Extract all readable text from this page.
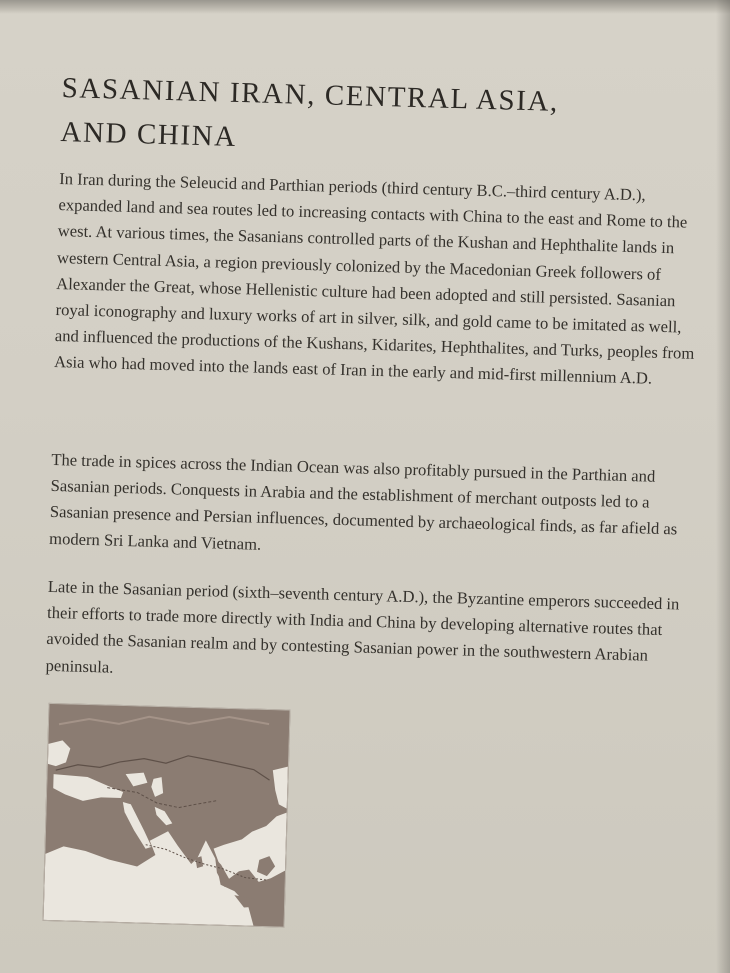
SASANIAN IRAN, CENTRAL ASIA,
AND CHINA

In Iran during the Seleucid and Parthian periods (third century B.C.–third century A.D.), expanded land and sea routes led to increasing contacts with China to the east and Rome to the west. At various times, the Sasanians controlled parts of the Kushan and Hephthalite lands in western Central Asia, a region previously colonized by the Macedonian Greek followers of Alexander the Great, whose Hellenistic culture had been adopted and still persisted. Sasanian royal iconography and luxury works of art in silver, silk, and gold came to be imitated as well, and influenced the productions of the Kushans, Kidarites, Hephthalites, and Turks, peoples from Asia who had moved into the lands east of Iran in the early and mid-first millennium A.D.

The trade in spices across the Indian Ocean was also profitably pursued in the Parthian and Sasanian periods. Conquests in Arabia and the establishment of merchant outposts led to a Sasanian presence and Persian influences, documented by archaeological finds, as far afield as modern Sri Lanka and Vietnam.

Late in the Sasanian period (sixth–seventh century A.D.), the Byzantine emperors succeeded in their efforts to trade more directly with India and China by developing alternative routes that avoided the Sasanian realm and by contesting Sasanian power in the southwestern Arabian peninsula.
